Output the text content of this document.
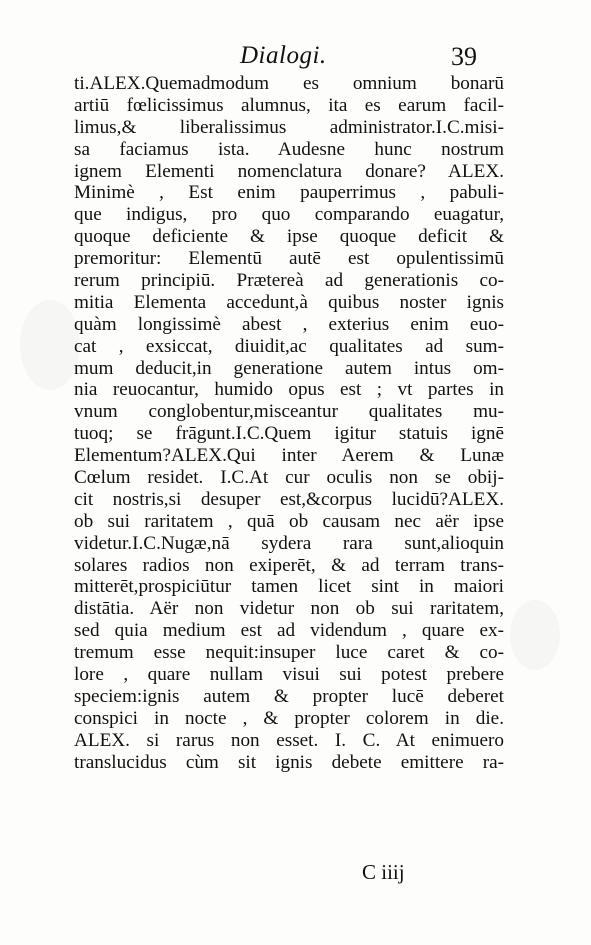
Dialogi.	39
ti.ALEX.Quemadmodum es omnium bonarū
artiū fœlicissimus alumnus, ita es earum facil-
limus,& liberalissimus administrator.I.C.misi-
sa faciamus ista. Audesne hunc nostrum
ignem Elementi nomenclatura donare? ALEX.
Minimè , Est enim pauperrimus , pabuli-
que indigus, pro quo comparando euagatur,
quoque deficiente & ipse quoque deficit &
premoritur: Elementū autē est opulentissimū
rerum principiū. Prætereà ad generationis co-
mitia Elementa accedunt,à quibus noster ignis
quàm longissimè abest , exterius enim euo-
cat , exsiccat, diuidit,ac qualitates ad sum-
mum deducit,in generatione autem intus om-
nia reuocantur, humido opus est ; vt partes in
vnum conglobentur,misceantur qualitates mu-
tuoq; se frāgunt.I.C.Quem igitur statuis ignē
Elementum?ALEX.Qui inter Aerem & Lunæ
Cœlum residet. I.C.At cur oculis non se obij-
cit nostris,si desuper est,&corpus lucidū?ALEX.
ob sui raritatem , quā ob causam nec aër ipse
videtur.I.C.Nugæ,nā sydera rara sunt,alioquin
solares radios non exiperēt, & ad terram trans-
mitterēt,prospiciūtur tamen licet sint in maiori
distātia. Aër non videtur non ob sui raritatem,
sed quia medium est ad videndum , quare ex-
tremum esse nequit:insuper luce caret & co-
lore , quare nullam visui sui potest prebere
speciem:ignis autem & propter lucē deberet
conspici in nocte , & propter colorem in die.
ALEX. si rarus non esset. I. C. At enimuero
translucidus cùm sit ignis debete emittere ra-
C iiij
